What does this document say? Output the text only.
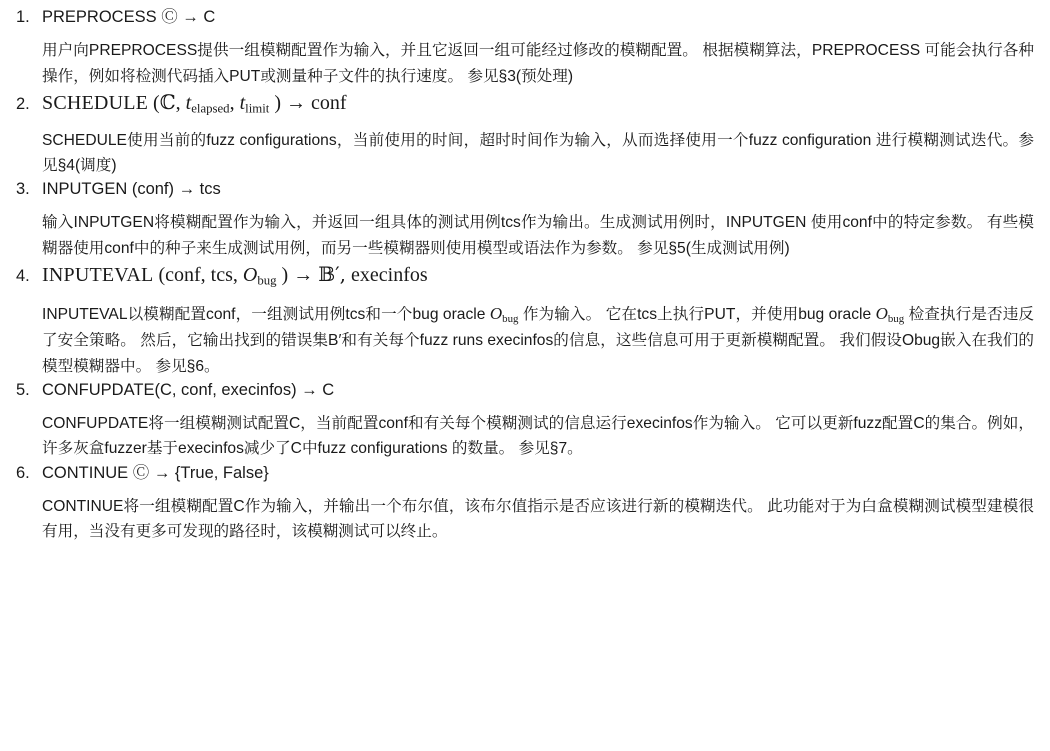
1. PREPROCESS Ⓒ → C

用户向PREPROCESS提供一组模糊配置作为输入，并且它返回一组可能经过修改的模糊配置。 根据模糊算法，PREPROCESS 可能会执行各种操作，例如将检测代码插入PUT或测量种子文件的执行速度。 参见§3(预处理)

2. SCHEDULE (ℂ, $t_{elapsed}$, $t_{limit}$ ) → conf

SCHEDULE使用当前的fuzz configurations，当前使用的时间，超时时间作为输入，从而选择使用一个fuzz configuration 进行模糊测试迭代。参见§4(调度)

3. INPUTGEN (conf) → tcs

输入INPUTGEN将模糊配置作为输入，并返回一组具体的测试用例tcs作为输出。生成测试用例时，INPUTGEN 使用conf中的特定参数。 有些模糊器使用conf中的种子来生成测试用例，而另一些模糊器则使用模型或语法作为参数。 参见§5(生成测试用例)

4. INPUTEVAL (conf, tcs, $O_{bug}$ ) → 𝔹′, execinfos

INPUTEVAL以模糊配置conf，一组测试用例tcs和一个bug oracle $O_{bug}$ 作为输入。 它在tcs上执行PUT，并使用bug oracle $O_{bug}$ 检查执行是否违反了安全策略。 然后，它输出找到的错误集B′和有关每个fuzz runs execinfos的信息，这些信息可用于更新模糊配置。 我们假设Obug嵌入在我们的模型模糊器中。 参见§6。

5. CONFUPDATE(C, conf, execinfos) → C

CONFUPDATE将一组模糊测试配置C，当前配置conf和有关每个模糊测试的信息运行execinfos作为输入。 它可以更新fuzz配置C的集合。例如，许多灰盒fuzzer基于execinfos减少了C中fuzz configurations 的数量。 参见§7。

6. CONTINUE Ⓒ → {True, False}

CONTINUE将一组模糊配置C作为输入，并输出一个布尔值，该布尔值指示是否应该进行新的模糊迭代。 此功能对于为白盒模糊测试模型建模很有用，当没有更多可发现的路径时，该模糊测试可以终止。
